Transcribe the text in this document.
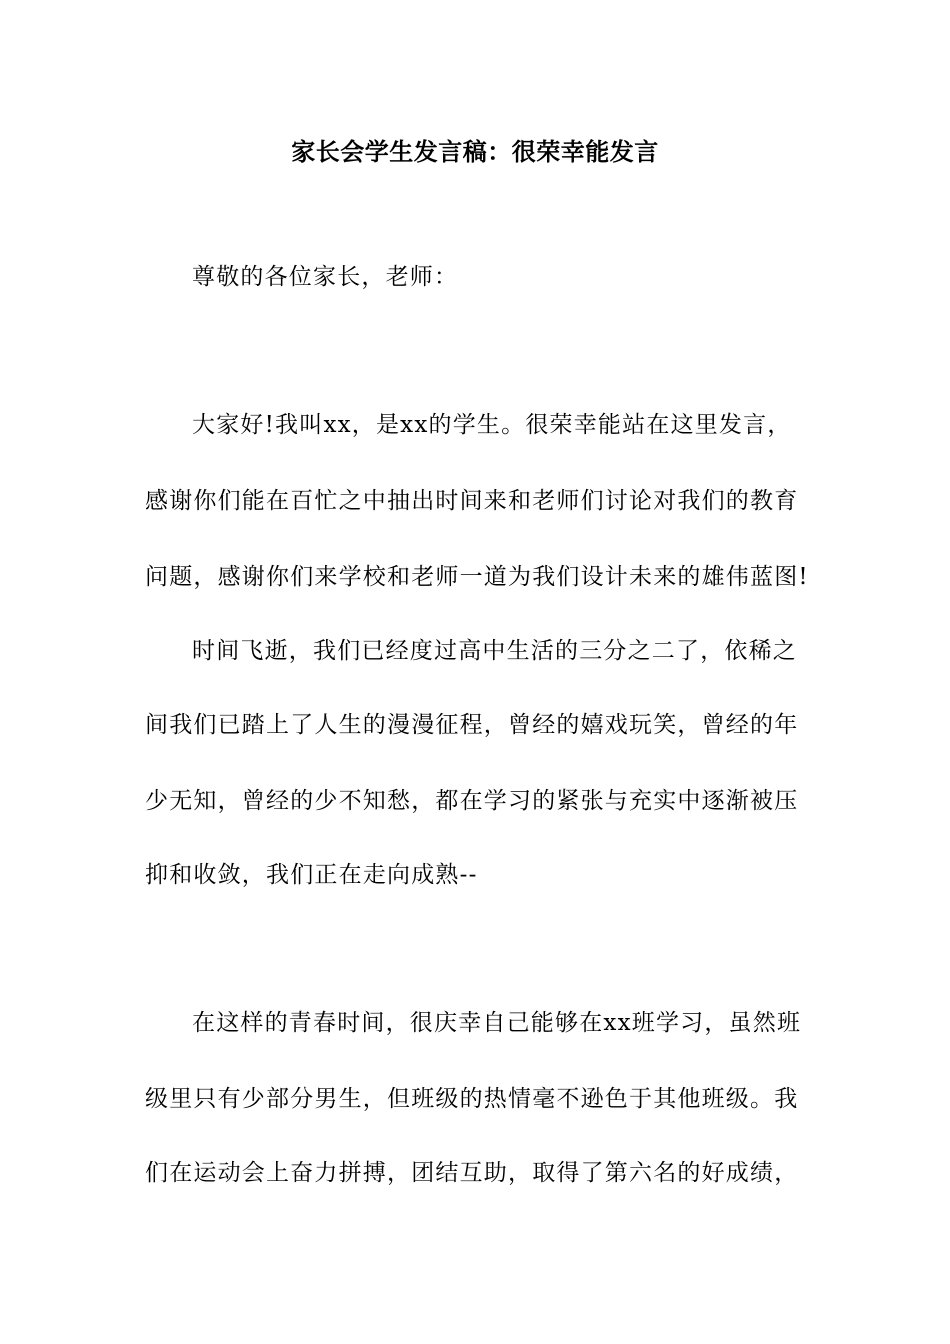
家长会学生发言稿：很荣幸能发言
尊敬的各位家长，老师：
大家好!我叫xx，是xx的学生。很荣幸能站在这里发言，
感谢你们能在百忙之中抽出时间来和老师们讨论对我们的教育
问题，感谢你们来学校和老师一道为我们设计未来的雄伟蓝图!
时间飞逝，我们已经度过高中生活的三分之二了，依稀之
间我们已踏上了人生的漫漫征程，曾经的嬉戏玩笑，曾经的年
少无知，曾经的少不知愁，都在学习的紧张与充实中逐渐被压
抑和收敛，我们正在走向成熟--
在这样的青春时间，很庆幸自己能够在xx班学习，虽然班
级里只有少部分男生，但班级的热情毫不逊色于其他班级。我
们在运动会上奋力拼搏，团结互助，取得了第六名的好成绩，
